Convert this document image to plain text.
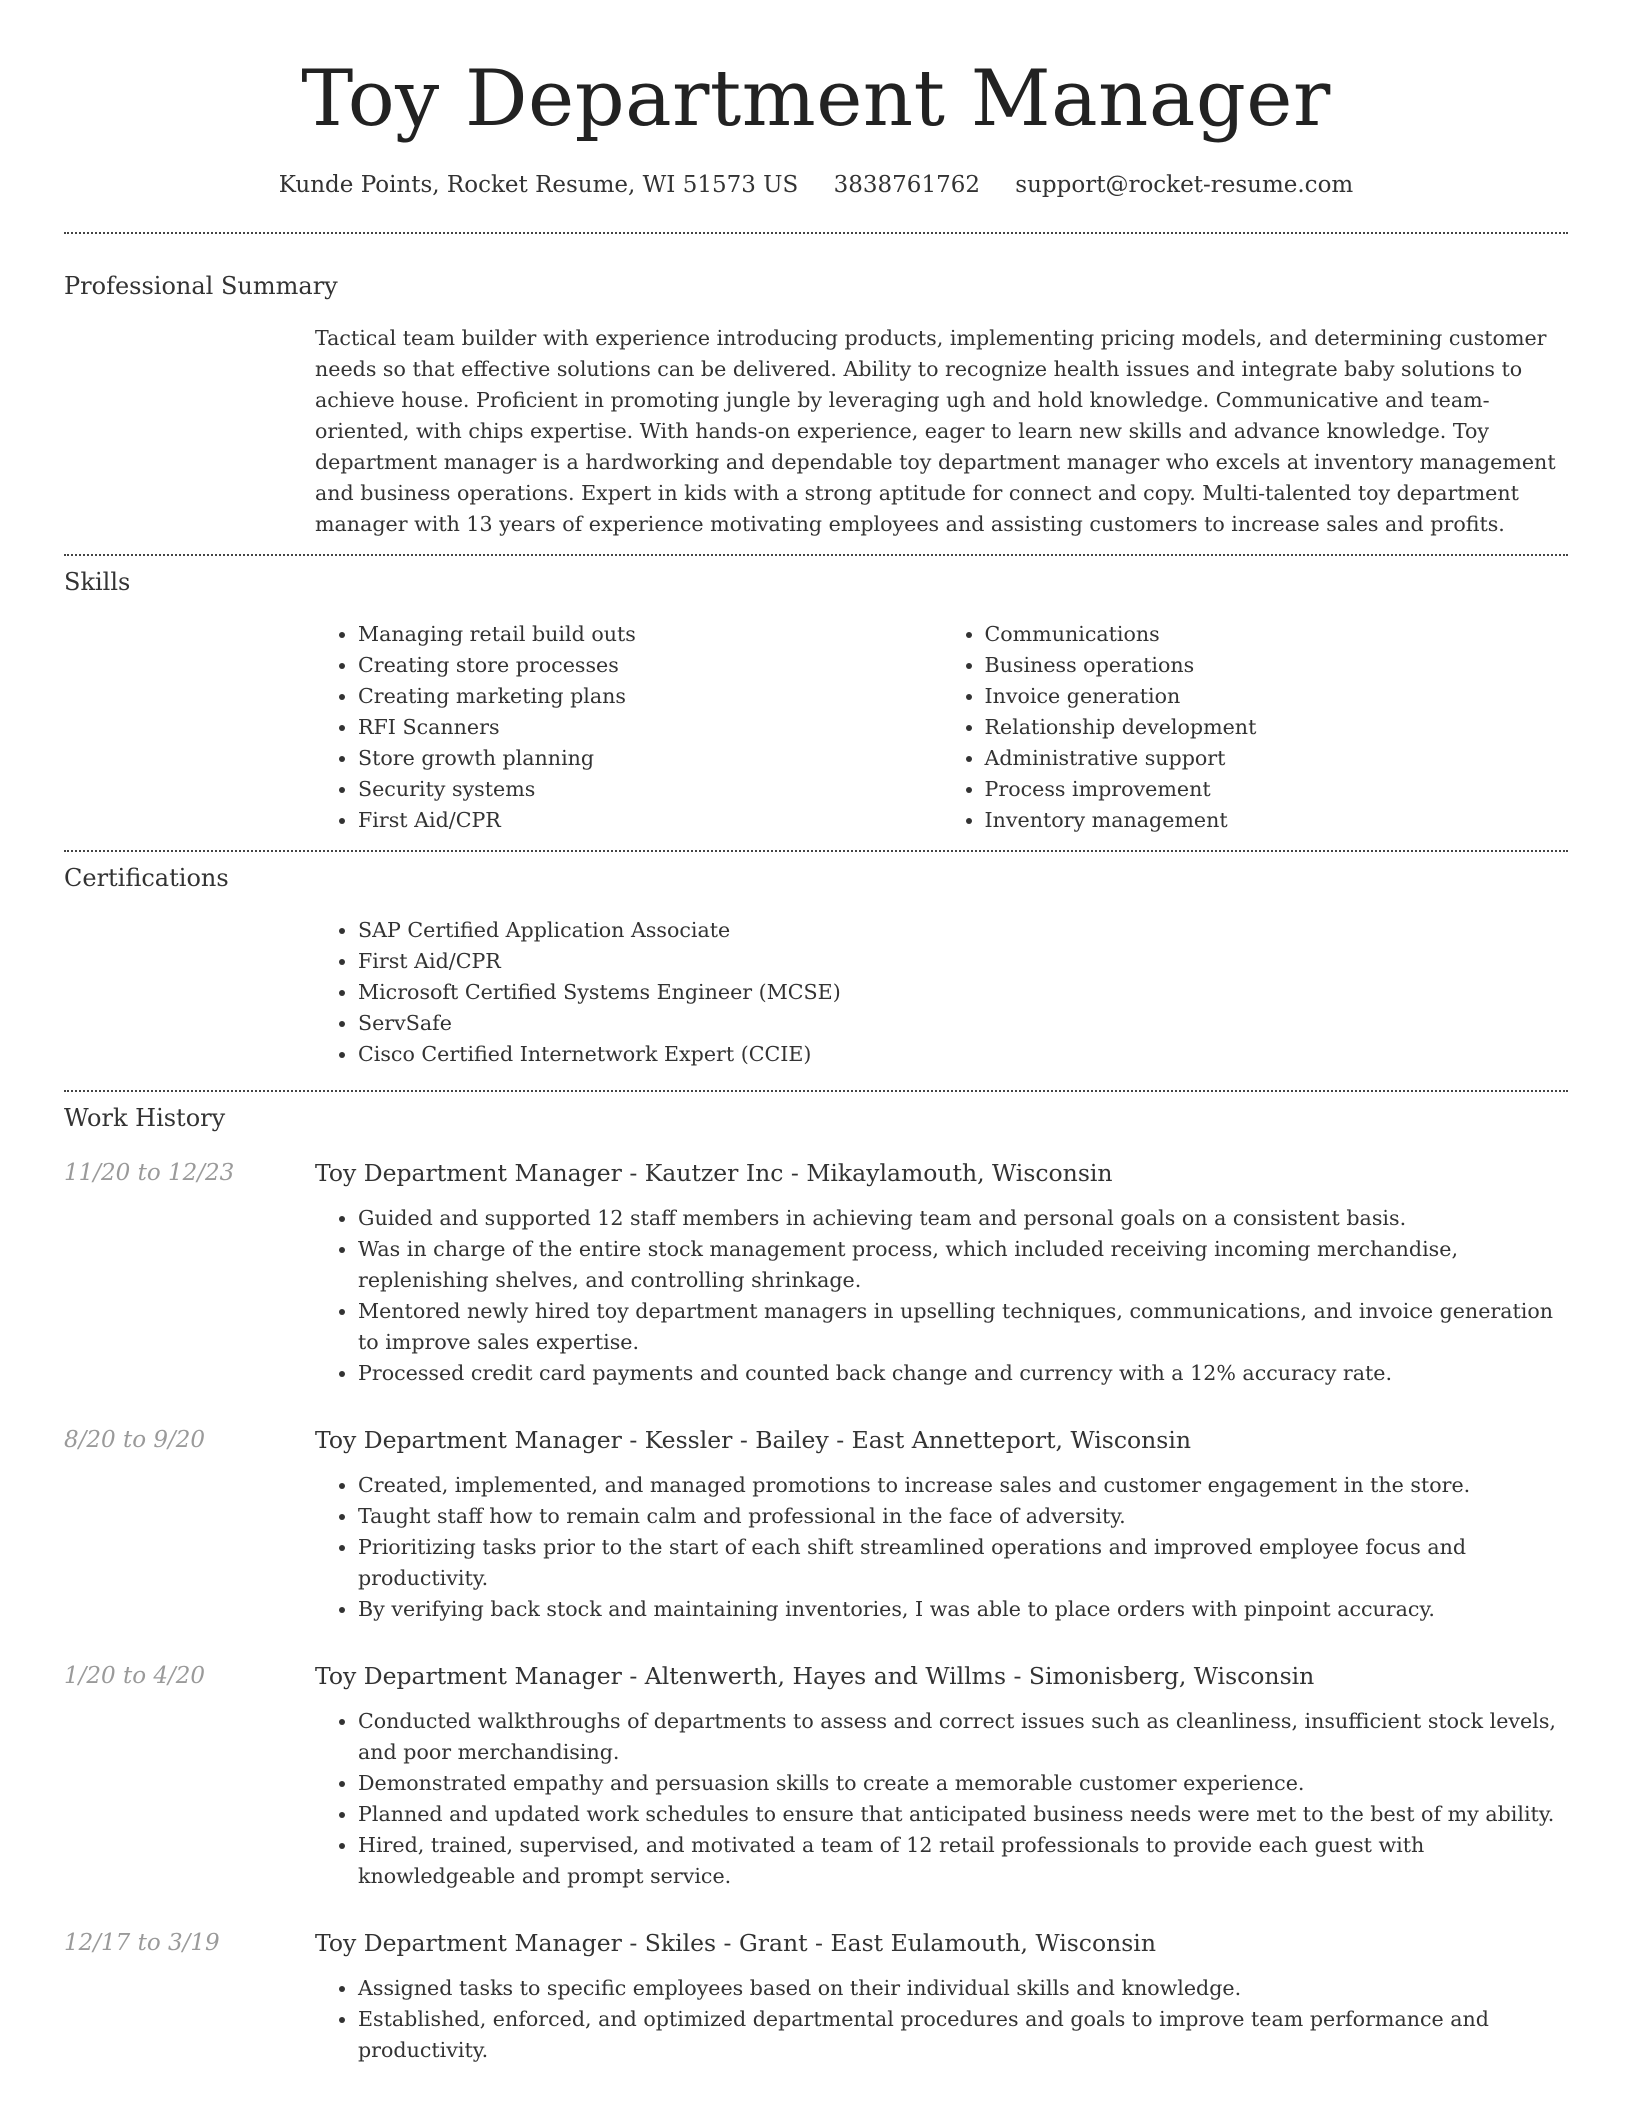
Toy Department Manager
Kunde Points, Rocket Resume, WI 51573 US 3838761762 support@rocket-resume.com
Professional Summary

Tactical team builder with experience introducing products, implementing pricing models, and determining customer needs so that effective solutions can be delivered. Ability to recognize health issues and integrate baby solutions to achieve house. Proficient in promoting jungle by leveraging ugh and hold knowledge. Communicative and team-oriented, with chips expertise. With hands-on experience, eager to learn new skills and advance knowledge. Toy department manager is a hardworking and dependable toy department manager who excels at inventory management and business operations. Expert in kids with a strong aptitude for connect and copy. Multi-talented toy department manager with 13 years of experience motivating employees and assisting customers to increase sales and profits.

Skills
• Managing retail build outs
• Creating store processes
• Creating marketing plans
• RFI Scanners
• Store growth planning
• Security systems
• First Aid/CPR
• Communications
• Business operations
• Invoice generation
• Relationship development
• Administrative support
• Process improvement
• Inventory management
Certifications
• SAP Certified Application Associate
• First Aid/CPR
• Microsoft Certified Systems Engineer (MCSE)
• ServSafe
• Cisco Certified Internetwork Expert (CCIE)
Work History
11/20 to 12/23	Toy Department Manager - Kautzer Inc - Mikaylamouth, Wisconsin

• Guided and supported 12 staff members in achieving team and personal goals on a consistent basis.
• Was in charge of the entire stock management process, which included receiving incoming merchandise, replenishing shelves, and controlling shrinkage.
• Mentored newly hired toy department managers in upselling techniques, communications, and invoice generation to improve sales expertise.
• Processed credit card payments and counted back change and currency with a 12% accuracy rate.
8/20 to 9/20	Toy Department Manager - Kessler - Bailey - East Annetteport, Wisconsin

• Created, implemented, and managed promotions to increase sales and customer engagement in the store.
• Taught staff how to remain calm and professional in the face of adversity.
• Prioritizing tasks prior to the start of each shift streamlined operations and improved employee focus and productivity.
• By verifying back stock and maintaining inventories, I was able to place orders with pinpoint accuracy.
1/20 to 4/20	Toy Department Manager - Altenwerth, Hayes and Willms - Simonisberg, Wisconsin

• Conducted walkthroughs of departments to assess and correct issues such as cleanliness, insufficient stock levels, and poor merchandising.
• Demonstrated empathy and persuasion skills to create a memorable customer experience.
• Planned and updated work schedules to ensure that anticipated business needs were met to the best of my ability.
• Hired, trained, supervised, and motivated a team of 12 retail professionals to provide each guest with knowledgeable and prompt service.
12/17 to 3/19	Toy Department Manager - Skiles - Grant - East Eulamouth, Wisconsin

• Assigned tasks to specific employees based on their individual skills and knowledge.
• Established, enforced, and optimized departmental procedures and goals to improve team performance and productivity.
